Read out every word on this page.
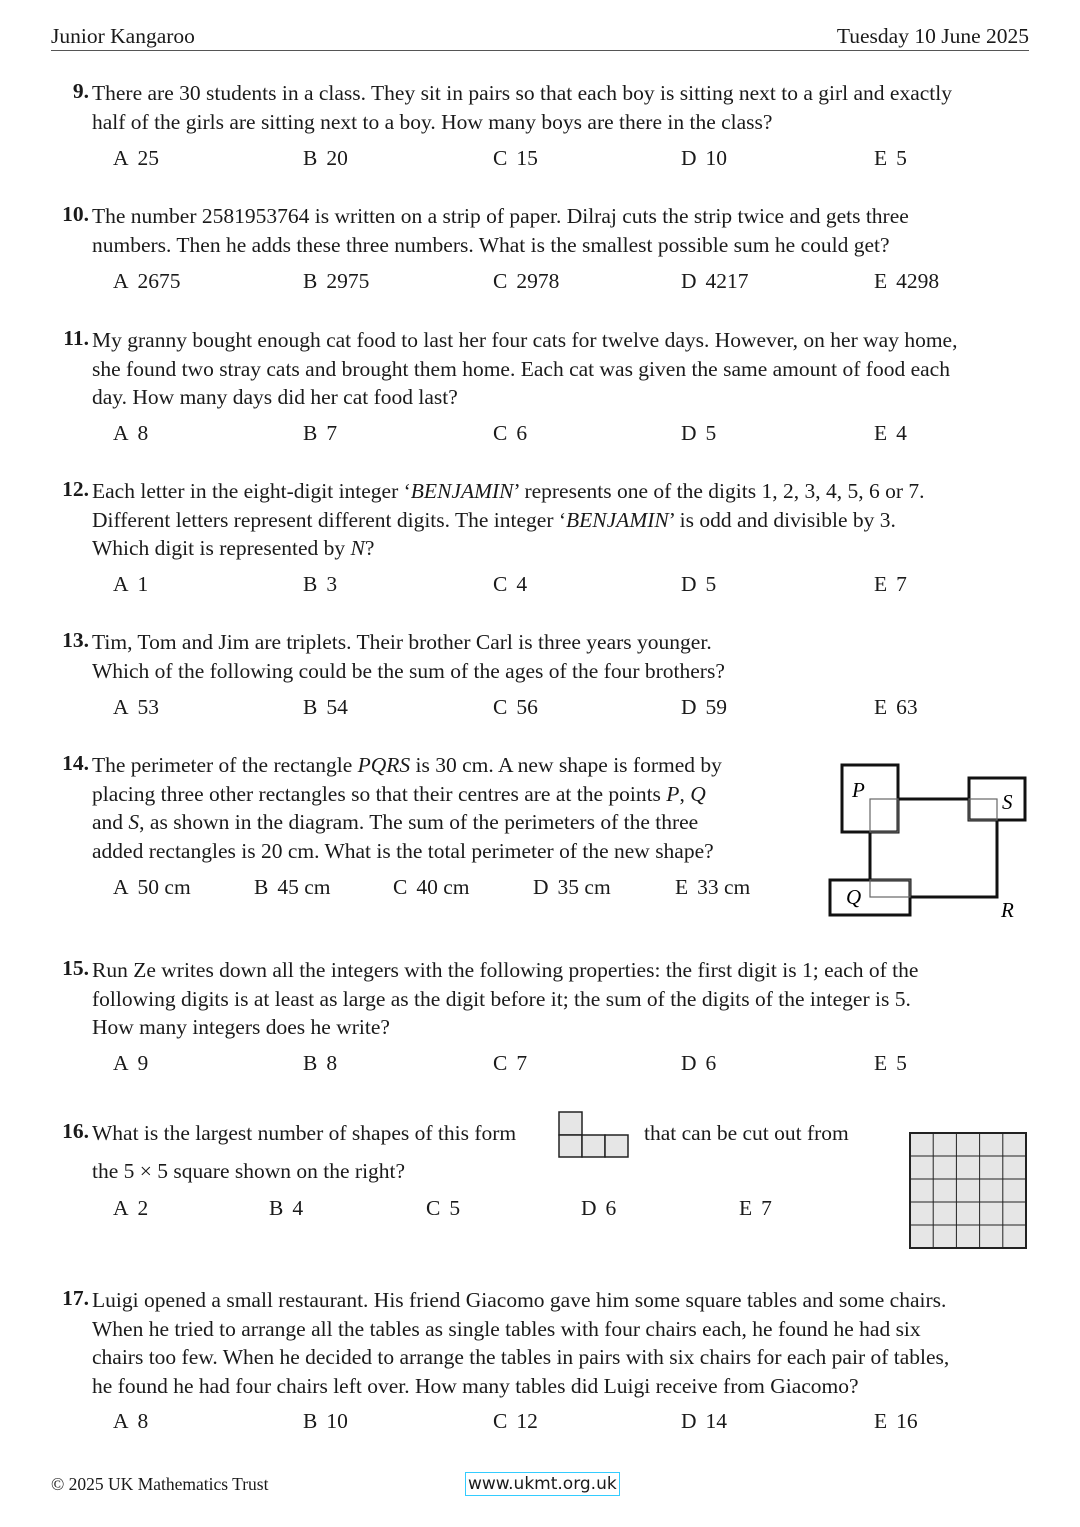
Junior Kangaroo	Tuesday 10 June 2025
9. There are 30 students in a class. They sit in pairs so that each boy is sitting next to a girl and exactly
half of the girls are sitting next to a boy. How many boys are there in the class?
A 25	B 20	C 15	D 10	E 5
10. The number 2581953764 is written on a strip of paper. Dilraj cuts the strip twice and gets three
numbers. Then he adds these three numbers. What is the smallest possible sum he could get?
A 2675	B 2975	C 2978	D 4217	E 4298
11. My granny bought enough cat food to last her four cats for twelve days. However, on her way home,
she found two stray cats and brought them home. Each cat was given the same amount of food each
day. How many days did her cat food last?
A 8	B 7	C 6	D 5	E 4
12. Each letter in the eight-digit integer ‘BENJAMIN’ represents one of the digits 1, 2, 3, 4, 5, 6 or 7.
Different letters represent different digits. The integer ‘BENJAMIN’ is odd and divisible by 3.
Which digit is represented by N?
A 1	B 3	C 4	D 5	E 7
13. Tim, Tom and Jim are triplets. Their brother Carl is three years younger.
Which of the following could be the sum of the ages of the four brothers?
A 53	B 54	C 56	D 59	E 63
14. The perimeter of the rectangle PQRS is 30 cm. A new shape is formed by
placing three other rectangles so that their centres are at the points P, Q
and S, as shown in the diagram. The sum of the perimeters of the three
added rectangles is 20 cm. What is the total perimeter of the new shape?
A 50 cm	B 45 cm	C 40 cm	D 35 cm	E 33 cm
P	S
Q
R
15. Run Ze writes down all the integers with the following properties: the first digit is 1; each of the
following digits is at least as large as the digit before it; the sum of the digits of the integer is 5.
How many integers does he write?
A 9	B 8	C 7	D 6	E 5
16. What is the largest number of shapes of this form	that can be cut out from
the 5 × 5 square shown on the right?
A 2	B 4	C 5	D 6	E 7
17. Luigi opened a small restaurant. His friend Giacomo gave him some square tables and some chairs.
When he tried to arrange all the tables as single tables with four chairs each, he found he had six
chairs too few. When he decided to arrange the tables in pairs with six chairs for each pair of tables,
he found he had four chairs left over. How many tables did Luigi receive from Giacomo?
A 8	B 10	C 12	D 14	E 16
© 2025 UK Mathematics Trust	www.ukmt.org.uk
